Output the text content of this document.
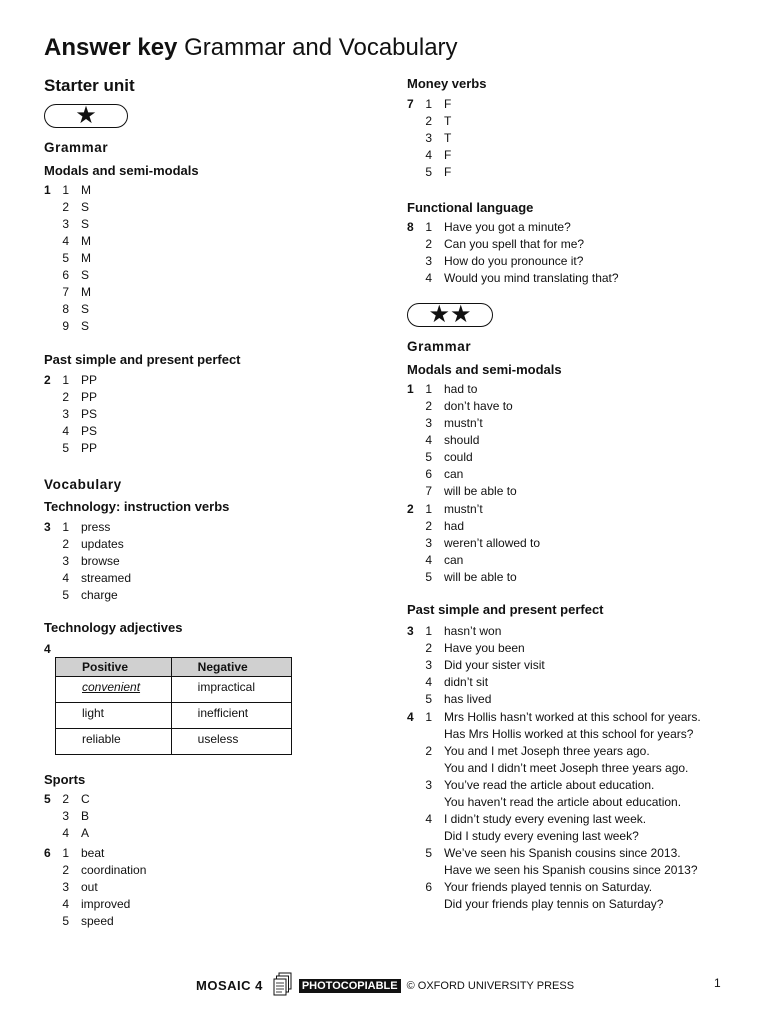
Answer key Grammar and Vocabulary
Starter unit
★
Grammar
Modals and semi-modals
1 1 M
2 S
3 S
4 M
5 M
6 S
7 M
8 S
9 S
Past simple and present perfect
2 1 PP
2 PP
3 PS
4 PS
5 PP
Vocabulary
Technology: instruction verbs
3 1 press
2 updates
3 browse
4 streamed
5 charge
Technology adjectives
4
Positive	Negative
convenient	impractical
light	inefficient
reliable	useless
Sports
5 2 C
3 B
4 A
6 1 beat
2 coordination
3 out
4 improved
5 speed
Money verbs
7 1 F
2 T
3 T
4 F
5 F
Functional language
8 1 Have you got a minute?
2 Can you spell that for me?
3 How do you pronounce it?
4 Would you mind translating that?
★★
Grammar
Modals and semi-modals
1 1 had to
2 don’t have to
3 mustn’t
4 should
5 could
6 can
7 will be able to
2 1 mustn’t
2 had
3 weren’t allowed to
4 can
5 will be able to
Past simple and present perfect
3 1 hasn’t won
2 Have you been
3 Did your sister visit
4 didn’t sit
5 has lived
4 1 Mrs Hollis hasn’t worked at this school for years.
Has Mrs Hollis worked at this school for years?
2 You and I met Joseph three years ago.
You and I didn’t meet Joseph three years ago.
3 You’ve read the article about education.
You haven’t read the article about education.
4 I didn’t study every evening last week.
Did I study every evening last week?
5 We’ve seen his Spanish cousins since 2013.
Have we seen his Spanish cousins since 2013?
6 Your friends played tennis on Saturday.
Did your friends play tennis on Saturday?
MOSAIC 4	PHOTOCOPIABLE © OXFORD UNIVERSITY PRESS	1
